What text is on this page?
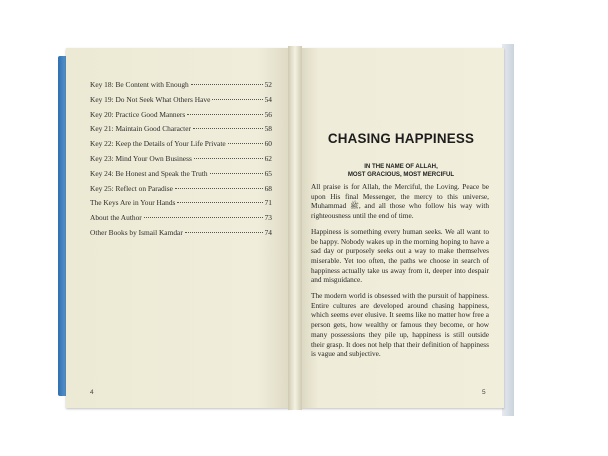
Key 18: Be Content with Enough	52
Key 19: Do Not Seek What Others Have	54
Key 20: Practice Good Manners	56
Key 21: Maintain Good Character	58
Key 22: Keep the Details of Your Life Private	60
Key 23: Mind Your Own Business	62
Key 24: Be Honest and Speak the Truth	65
Key 25: Reflect on Paradise	68
The Keys Are in Your Hands	71
About the Author	73
Other Books by Ismail Kamdar	74
4
CHASING HAPPINESS
IN THE NAME OF ALLAH,
MOST GRACIOUS, MOST MERCIFUL

All praise is for Allah, the Merciful, the Loving. Peace be upon His final Messenger, the mercy to this universe, Muhammad ﷺ, and all those who follow his way with righteousness until the end of time.

Happiness is something every human seeks. We all want to be happy. Nobody wakes up in the morning hoping to have a sad day or purposely seeks out a way to make themselves miserable. Yet too often, the paths we choose in search of happiness actually take us away from it, deeper into despair and misguidance.

The modern world is obsessed with the pursuit of happiness. Entire cultures are developed around chasing happiness, which seems ever elusive. It seems like no matter how free a person gets, how wealthy or famous they become, or how many possessions they pile up, happiness is still outside their grasp. It does not help that their definition of happiness is vague and subjective.

5
